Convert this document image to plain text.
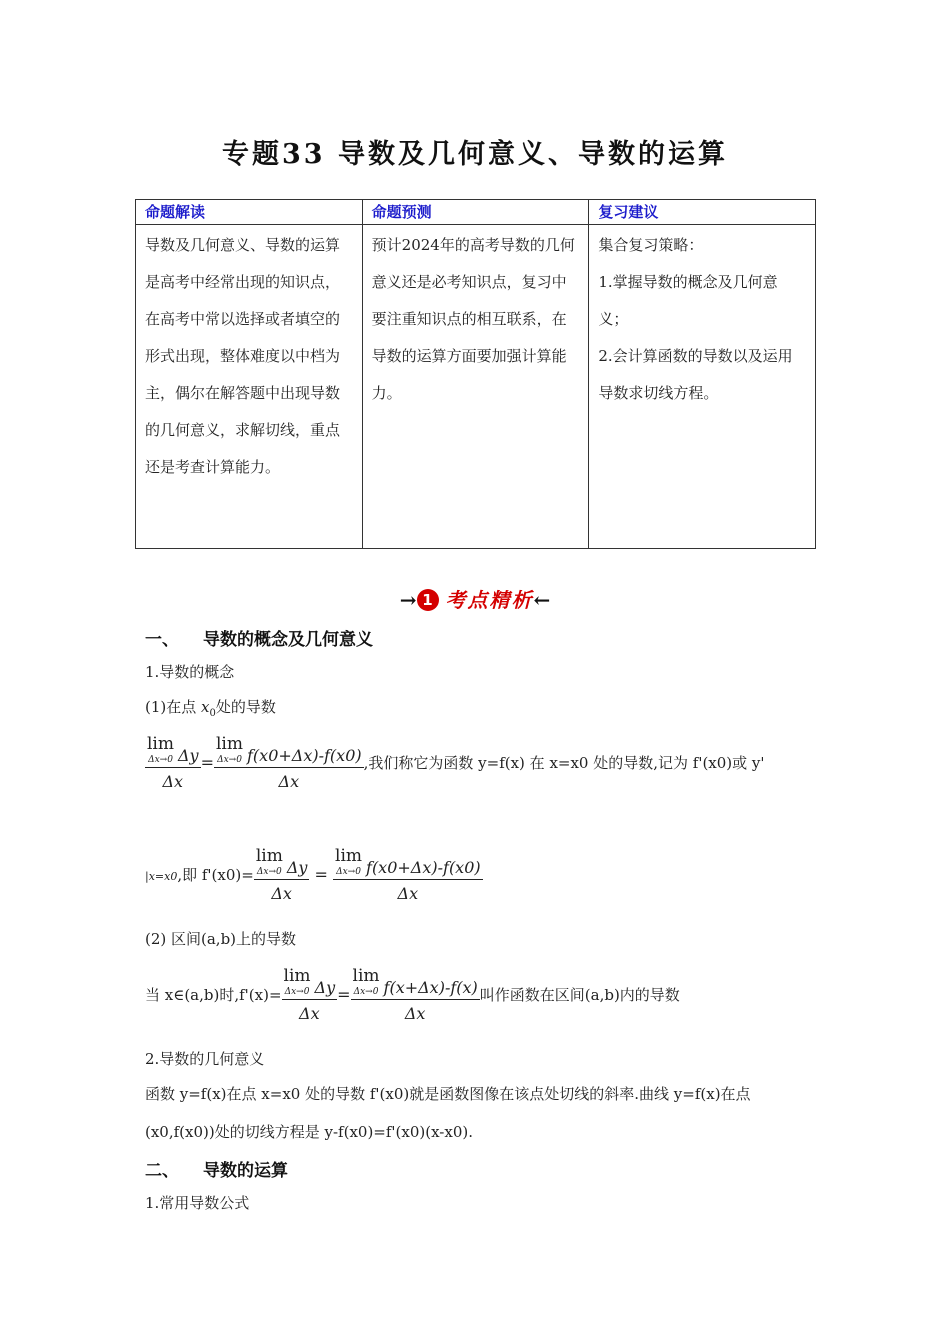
专题33 导数及几何意义、导数的运算
命题解读	命题预测	复习建议
导数及几何意义、导数的运算是高考中经常出现的知识点，在高考中常以选择或者填空的形式出现，整体难度以中档为主，偶尔在解答题中出现导数的几何意义，求解切线，重点还是考查计算能力。	预计2024年的高考导数的几何意义还是必考知识点，复习中要注重知识点的相互联系，在导数的运算方面要加强计算能力。	集合复习策略：
1.掌握导数的概念及几何意义；
2.会计算函数的导数以及运用导数求切线方程。
→ 1 考点精析←
一、 导数的概念及几何意义
1.导数的概念
(1)在点 $x_0$处的导数
lim
Δx→0 Δy
Δx = lim
Δx→0 f(x0+Δx)-f(x0)
Δx ,我们称它为函数 y=f(x) 在 x=x0 处的导数,记为 f'(x0)或 y'
|x=x0,即 f'(x0)= lim
Δx→0 Δy
Δx = lim
Δx→0 f(x0+Δx)-f(x0)
Δx
(2) 区间(a,b)上的导数
当 x∈(a,b)时,f'(x)= lim
Δx→0 Δy
Δx = lim
Δx→0 f(x+Δx)-f(x)
Δx 叫作函数在区间(a,b)内的导数
2.导数的几何意义
函数 y=f(x)在点 x=x0 处的导数 f'(x0)就是函数图像在该点处切线的斜率.曲线 y=f(x)在点
(x0,f(x0))处的切线方程是 y-f(x0)=f'(x0)(x-x0).
二、 导数的运算
1.常用导数公式
